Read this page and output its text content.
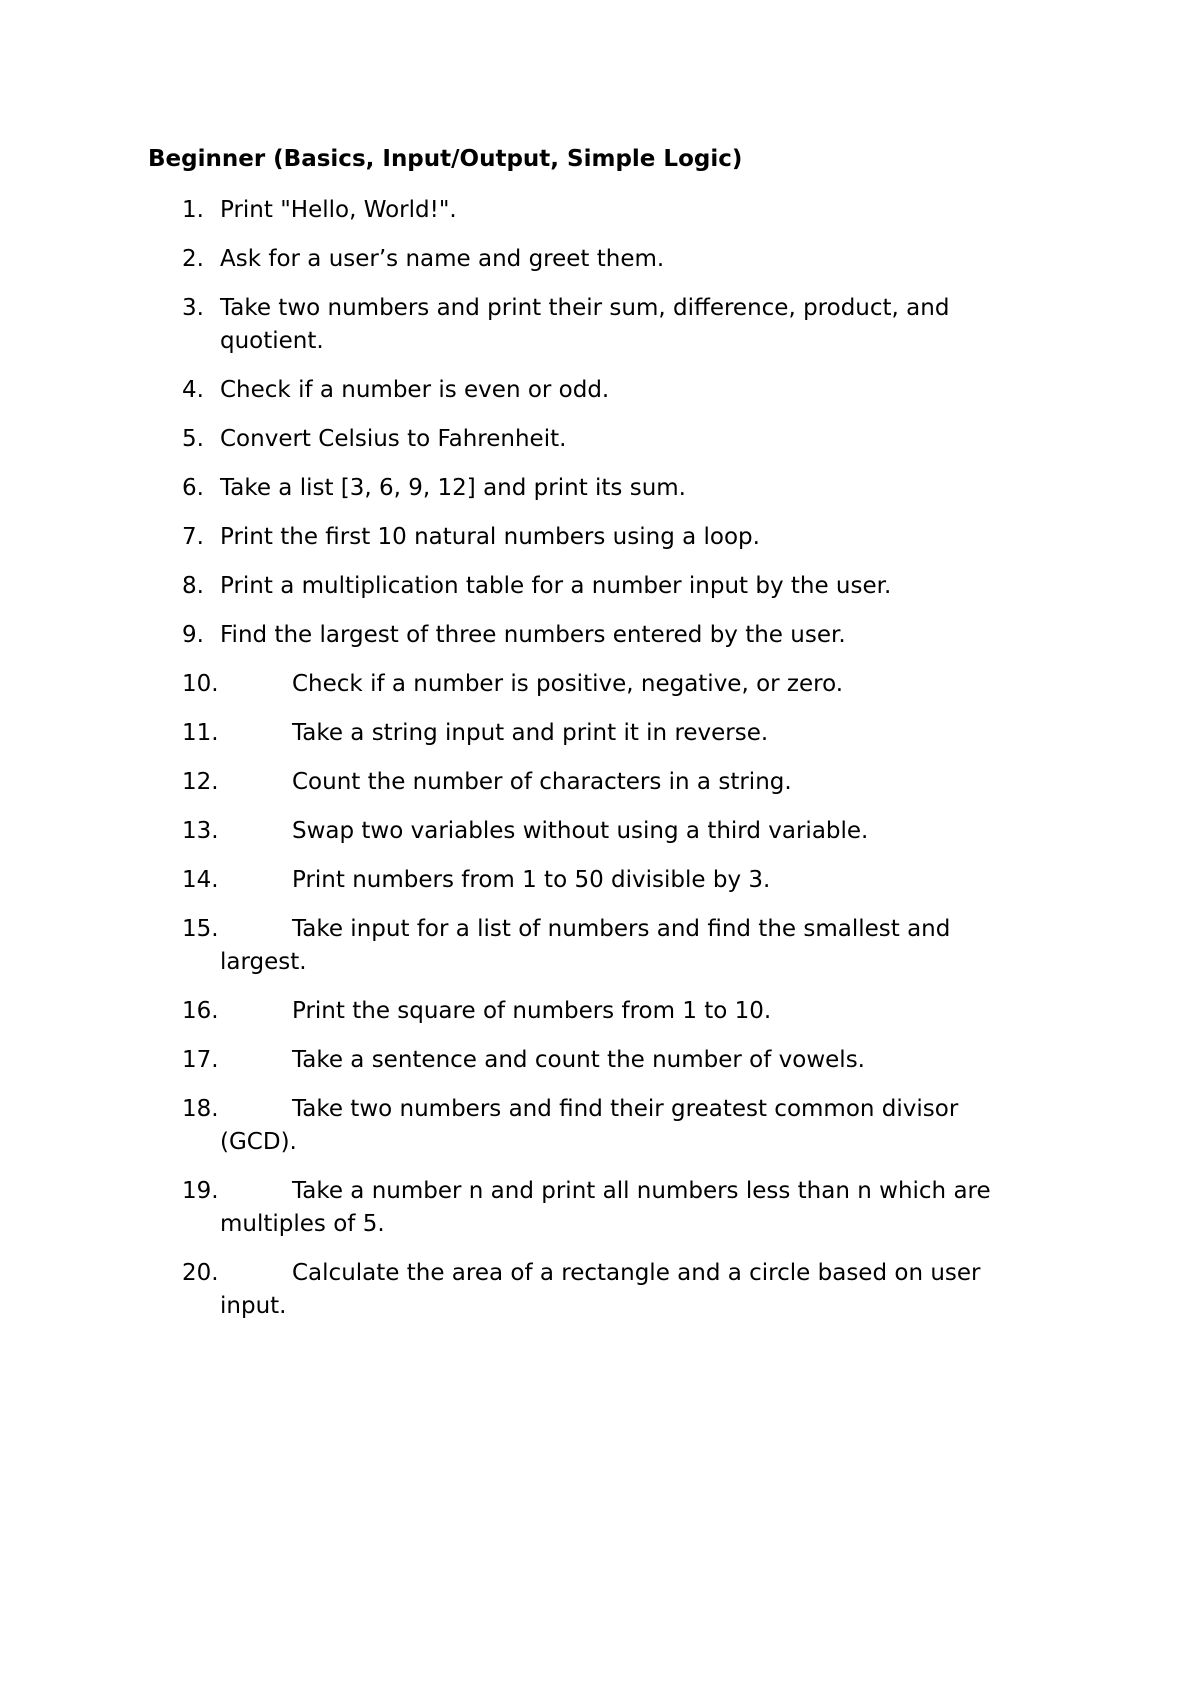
Beginner (Basics, Input/Output, Simple Logic)
1. Print "Hello, World!".
2. Ask for a user’s name and greet them.
3. Take two numbers and print their sum, difference, product, and quotient.
4. Check if a number is even or odd.
5. Convert Celsius to Fahrenheit.
6. Take a list [3, 6, 9, 12] and print its sum.
7. Print the first 10 natural numbers using a loop.
8. Print a multiplication table for a number input by the user.
9. Find the largest of three numbers entered by the user.
10.	Check if a number is positive, negative, or zero.
11.	Take a string input and print it in reverse.
12.	Count the number of characters in a string.
13.	Swap two variables without using a third variable.
14.	Print numbers from 1 to 50 divisible by 3.
15.	Take input for a list of numbers and find the smallest and largest.
16.	Print the square of numbers from 1 to 10.
17.	Take a sentence and count the number of vowels.
18.	Take two numbers and find their greatest common divisor (GCD).
19.	Take a number n and print all numbers less than n which are multiples of 5.
20.	Calculate the area of a rectangle and a circle based on user input.
